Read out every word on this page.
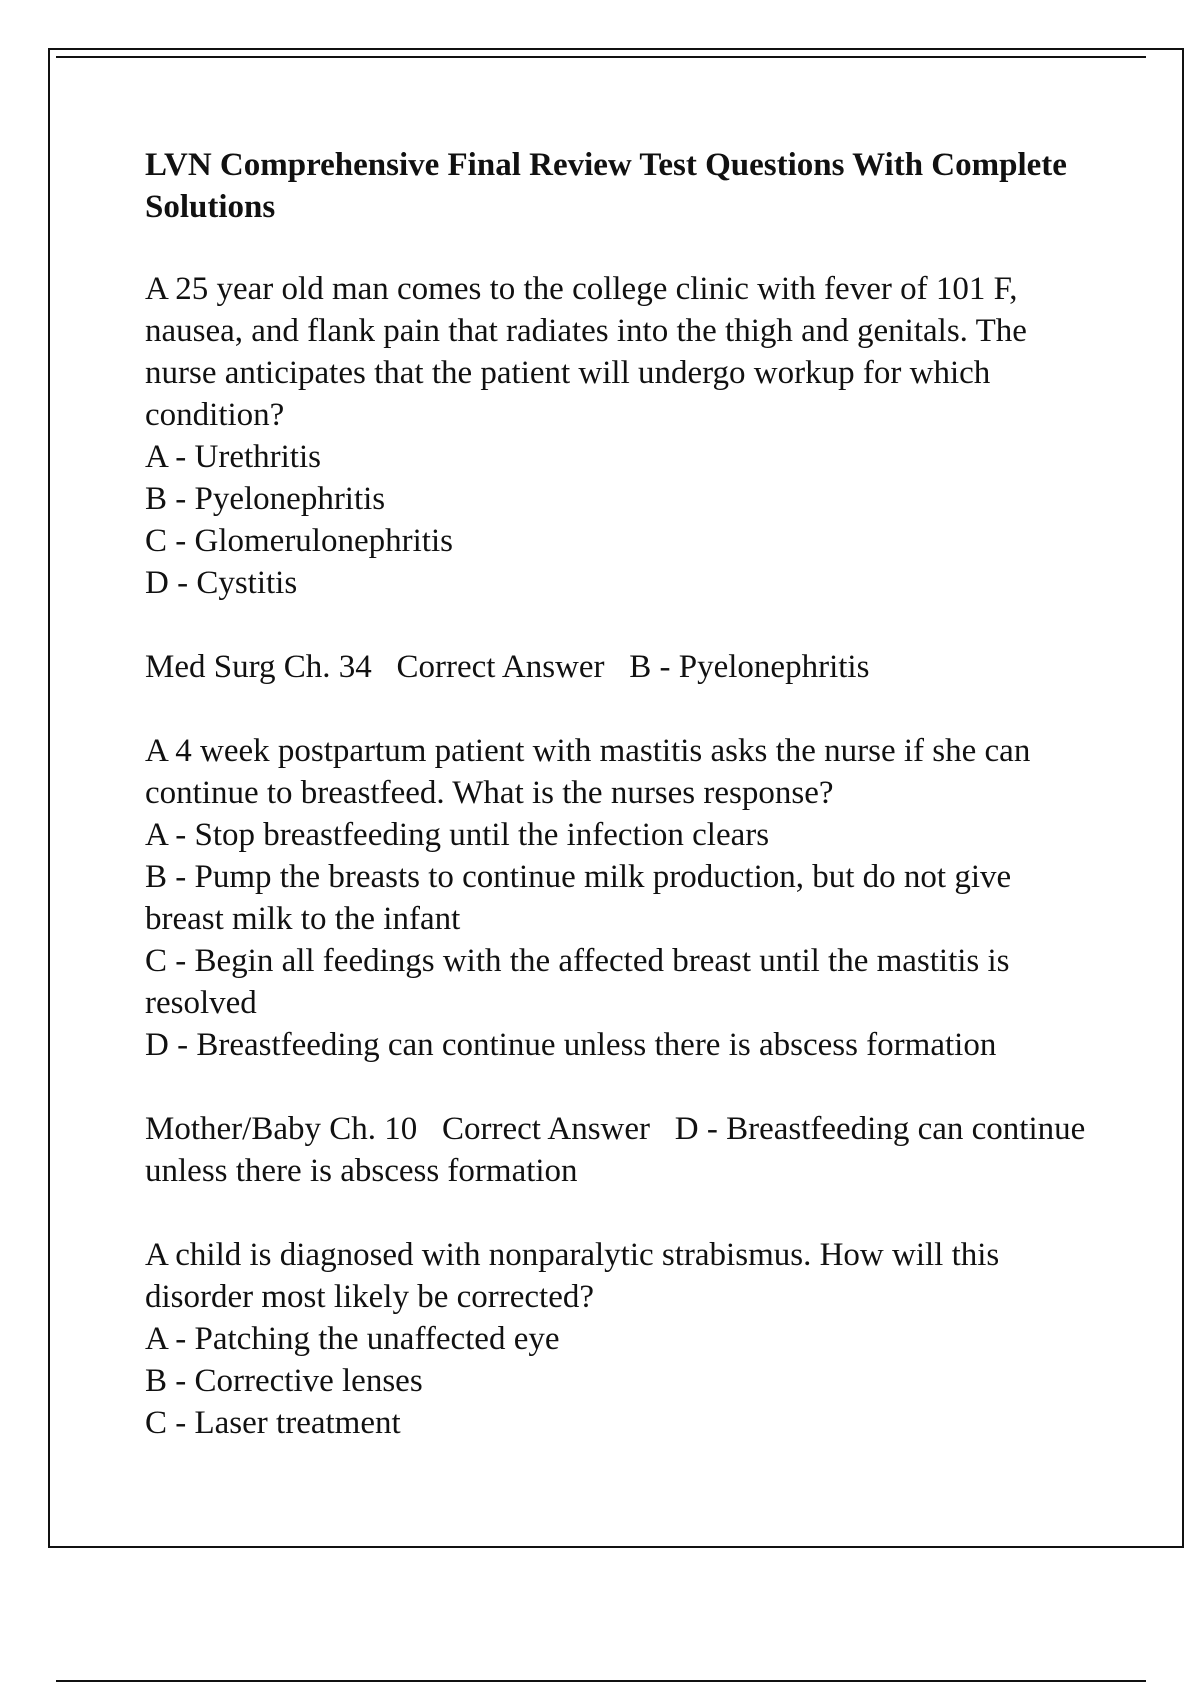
LVN Comprehensive Final Review Test Questions With Complete Solutions
A 25 year old man comes to the college clinic with fever of 101 F, nausea, and flank pain that radiates into the thigh and genitals. The nurse anticipates that the patient will undergo workup for which condition?
A - Urethritis
B - Pyelonephritis
C - Glomerulonephritis
D - Cystitis
Med Surg Ch. 34   Correct Answer   B - Pyelonephritis
A 4 week postpartum patient with mastitis asks the nurse if she can continue to breastfeed. What is the nurses response?
A - Stop breastfeeding until the infection clears
B - Pump the breasts to continue milk production, but do not give breast milk to the infant
C - Begin all feedings with the affected breast until the mastitis is resolved
D - Breastfeeding can continue unless there is abscess formation
Mother/Baby Ch. 10   Correct Answer   D - Breastfeeding can continue unless there is abscess formation
A child is diagnosed with nonparalytic strabismus. How will this disorder most likely be corrected?
A - Patching the unaffected eye
B - Corrective lenses
C - Laser treatment
